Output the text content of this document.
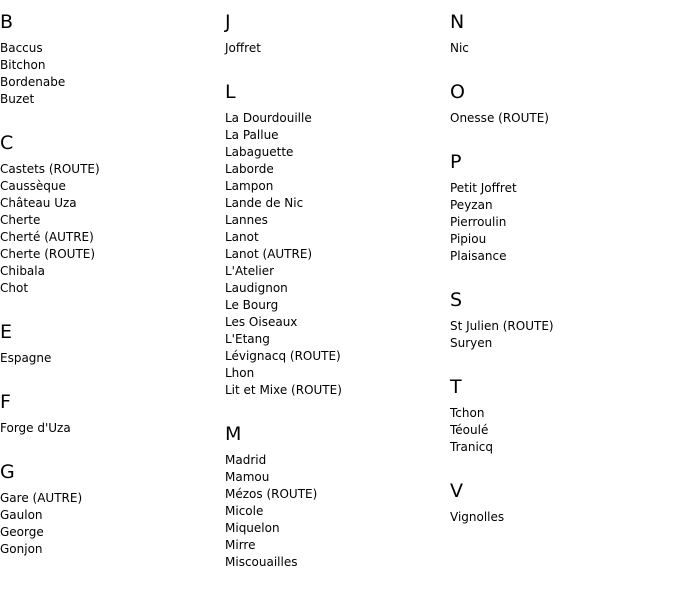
B
Baccus
Bitchon
Bordenabe
Buzet
C
Castets (ROUTE)
Caussèque
Château Uza
Cherte
Cherté (AUTRE)
Cherte (ROUTE)
Chibala
Chot
E
Espagne
F
Forge d'Uza
G
Gare (AUTRE)
Gaulon
George
Gonjon
J
Joffret
L
La Dourdouille
La Pallue
Labaguette
Laborde
Lampon
Lande de Nic
Lannes
Lanot
Lanot (AUTRE)
L'Atelier
Laudignon
Le Bourg
Les Oiseaux
L'Etang
Lévignacq (ROUTE)
Lhon
Lit et Mixe (ROUTE)
M
Madrid
Mamou
Mézos (ROUTE)
Micole
Miquelon
Mirre
Miscouailles
N
Nic
O
Onesse (ROUTE)
P
Petit Joffret
Peyzan
Pierroulin
Pipiou
Plaisance
S
St Julien (ROUTE)
Suryen
T
Tchon
Téoulé
Tranicq
V
Vignolles
